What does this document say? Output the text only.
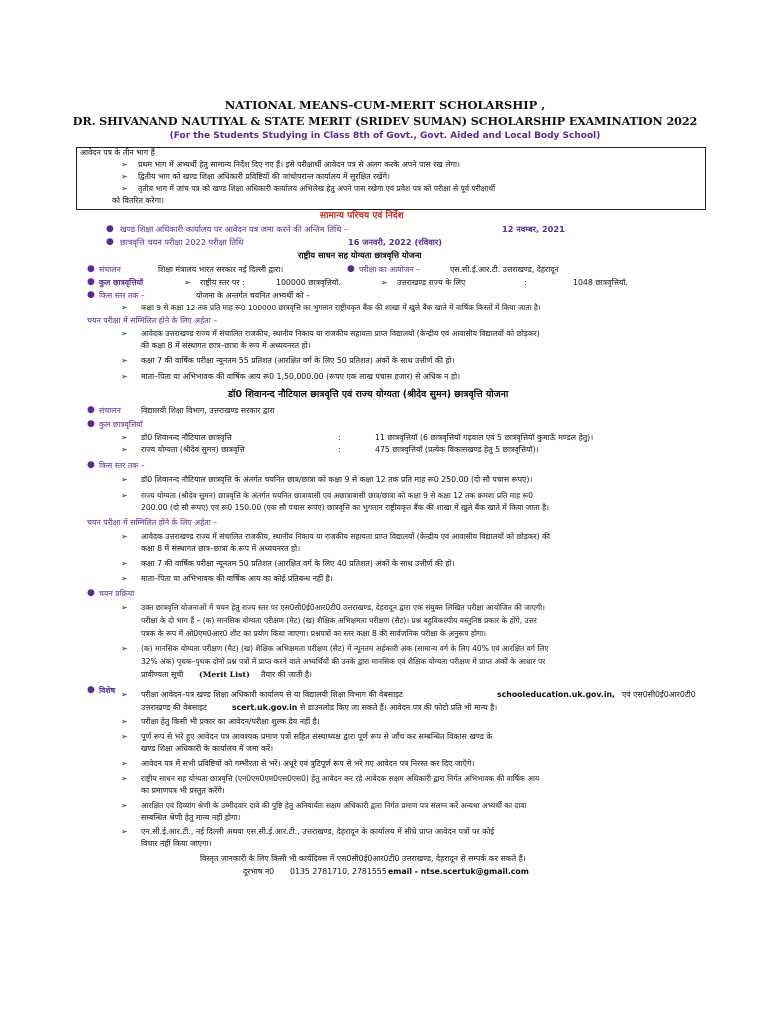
NATIONAL MEANS-CUM-MERIT SCHOLARSHIP ,
DR. SHIVANAND NAUTIYAL & STATE MERIT (SRIDEV SUMAN) SCHOLARSHIP EXAMINATION 2022
(For the Students Studying in Class 8th of Govt., Govt. Aided and Local Body School)
आवेदन पत्र के तीन भाग हैं
➢ प्रथम भाग में अभ्यर्थी हेतु सामान्य निर्देश दिए गए हैं। इसे परीक्षार्थी आवेदन पत्र से अलग करके अपने पास रख लेगा।
➢ द्वितीय भाग को खण्ड शिक्षा अधिकारी प्रविष्टियों की जांचोपरान्त कार्यालय में सुरक्षित रखेंगे।
➢ तृतीय भाग में जांच पत्र को खण्ड शिक्षा अधिकारी कार्यालय अभिलेख हेतु अपने पास रखेगा एवं प्रवेश पत्र को परीक्षा से पूर्व परीक्षार्थी
को वितरित करेगा।
सामान्य परिचय एवं निर्देश
● खण्ड शिक्षा अधिकारी कार्यालय पर आवेदन पत्र जमा करने की अन्तिम तिथि –	12 नवम्बर, 2021
● छात्रवृत्ति चयन परीक्षा 2022 परीक्षा तिथि	16 जनवरी, 2022 (रविवार)
राष्ट्रीय साधन सह योग्यता छात्रवृत्ति योजना
● संचालन	शिक्षा मंत्रालय भारत सरकार नई दिल्ली द्वारा।	● परीक्षा का आयोजन –	एस.सी.ई.आर.टी. उत्तराखण्ड, देहरादून
● कुल छात्रवृत्तियॉ	➢ राष्ट्रीय स्तर पर :	100000 छात्रवृत्तियॉ.	➢ उत्तराखण्ड राज्य के लिए	:	1048 छात्रवृत्तियॉ.
● किस स्तर तक –	योजना के अन्तर्गत चयनित अभ्यर्थी को –
➢ कक्षा 9 से कक्षा 12 तक प्रति माह रू0 100000 छात्रवृत्ति का भुगतान राष्ट्रीयकृत बैंक की शाखा में खुले बैंक खाते में वार्षिक किस्तों में किया जाता है।
चयन परीक्षा में सम्मिलित होने के लिए अर्हता –
➢ आवेदक उत्तराखण्ड राज्य में संचालित राजकीय, स्थानीय निकाय या राजकीय सहायता प्राप्त विद्यालयों (केन्द्रीय एवं आवासीय विद्यालयों को छोड़कर)
की कक्षा 8 में संस्थागत छात्र–छात्रा के रूप में अध्ययनरत हो।
➢ कक्षा 7 की वार्षिक परीक्षा न्यूनतम 55 प्रतिशत (आरक्षित वर्ग के लिए 50 प्रतिशत) अंकों के साथ उत्तीर्ण की हो।
➢ माता–पिता या अभिभावक की वार्षिक आय रू0 1,50,000.00 (रूपए एक लाख पचास हजार) से अधिक न हो।
डॉ0 शिवानन्द नौटियाल छात्रवृत्ति एवं राज्य योग्यता (श्रीदेव सुमन) छात्रवृत्ति योजना
● संचालन	विद्यालयी शिक्षा विभाग, उत्तराखण्ड सरकार द्वारा
● कुल छात्रवृत्तियॉ
➢ डॉ0 शिवानन्द नौटियाल छात्रवृत्ति	:	11 छात्रवृत्तियॉ (6 छात्रवृत्तियॉ गढ़वाल एवं 5 छात्रवृत्तियॉ कुमाऊँ मण्डल हेतु)।
➢ राज्य योग्यता (श्रीदेव सुमन) छात्रवृत्ति	:	475 छात्रवृत्तियॉ (प्रत्येक विकासखण्ड हेतु 5 छात्रवृत्तियॉ)।
● किस स्तर तक –
➢ डॉ0 शिवानन्द नौटियाल छात्रवृत्ति के अंतर्गत चयनित छात्र/छात्रा को कक्षा 9 से कक्षा 12 तक प्रति माह रू0 250.00 (दो सौ पचास रूपए)।
➢ राज्य योग्यता (श्रीदेव सुमन) छात्रवृत्ति के अंतर्गत चयनित छात्रावासी एवं अछात्रावासी छात्र/छात्रा को कक्षा 9 से कक्षा 12 तक क्रमशः प्रति माह रू0
200.00 (दो सौ रूपए) एवं रू0 150.00 (एक सौ पचास रूपए) छात्रवृत्ति का भुगतान राष्ट्रीयकृत बैंक की शाखा में खुले बैंक खाते में किया जाता है।
चयन परीक्षा में सम्मिलित होने के लिए अर्हता –
➢ आवेदक उत्तराखण्ड राज्य में संचालित राजकीय, स्थानीय निकाय या राजकीय सहायता प्राप्त विद्यालयों (केन्द्रीय एवं आवासीय विद्यालयों को छोड़कर) की
कक्षा 8 में संस्थागत छात्र–छात्रा के रूप में अध्ययनरत हो।
➢ कक्षा 7 की वार्षिक परीक्षा न्यूनतम 50 प्रतिशत (आरक्षित वर्ग के लिए 40 प्रतिशत) अंकों के साथ उत्तीर्ण की हो।
➢ माता–पिता या अभिभावक की वार्षिक आय का कोई प्रतिबन्ध नहीं है।
● चयन प्रक्रिया
➢ उक्त छात्रवृत्ति योजनाओं में चयन हेतु राज्य स्तर पर एस0सी0ई0आर0टी0 उत्तराखण्ड, देहरादून द्वारा एक संयुक्त लिखित परीक्षा आयोजित की जाएगी।
परीक्षा के दो भाग हैं – (क) मानसिक योग्यता परीक्षण (मैट) (ख) शैक्षिक अभिक्षमता परीक्षण (सैट)। प्रश्न बहुविकल्पीय वस्तुनिष्ठ प्रकार के होंगे, उत्तर
पत्रक के रूप में ओ0एम0आर0 शीट का प्रयोग किया जाएगा। प्रश्नपत्रों का स्तर कक्षा 8 की सार्वजनिक परीक्षा के अनुरूप होगा।
➢ (क) मानसिक योग्यता परीक्षण (मैट) (ख) शैक्षिक अभिक्षमता परीक्षण (सैट) में न्यूनतम अर्हकारी अंक (सामान्य वर्ग के लिए 40% एवं आरक्षित वर्ग लिए
32% अंक) पृथक–पृथक दोनों प्रश्न पत्रों में प्राप्त करने वाले अभ्यर्थियों की उनके द्वारा मानसिक एवं शैक्षिक योग्यता परीक्षण में प्राप्त अंकों के आधार पर
प्रावीण्यता सूची (Merit List) तैयार की जाती है।
● विशेष ➢ परीक्षा आवेदन–पत्र खण्ड शिक्षा अधिकारी कार्यालय से या विद्यालयी शिक्षा विभाग की वेबसाइट	schooleducation.uk.gov.in, एवं एस0सी0ई0आर0टी0
उत्तराखण्ड की वेबसाइट	scert.uk.gov.in से डाउनलोड किए जा सकते हैं। आवेदन पत्र की फोटो प्रति भी मान्य है।
➢ परीक्षा हेतु किसी भी प्रकार का आवेदन/परीक्षा शुल्क देय नहीं है।
➢ पूर्ण रूप से भरे हुए आवेदन पत्र आवश्यक प्रमाण पत्रों सहित संस्थाध्यक्ष द्वारा पूर्ण रूप से जाँच कर सम्बन्धित विकास खण्ड के
खण्ड शिक्षा अधिकारी के कार्यालय में जमा करें।
➢ आवेदन पत्र में सभी प्रविष्टियों को गम्भीरता से भरें। अधूरे एवं त्रुटिपूर्ण रूप से भरे गए आवेदन पत्र निरस्त कर दिए जाएँगे।
➢ राष्ट्रीय साधन सह योग्यता छात्रवृत्ति (एन0एम0एम0एस0एस0) हेतु आवेदन कर रहे आवेदक सक्षम अधिकारी द्वारा निर्गत अभिभावक की वार्षिक आय
का प्रमाणपत्र भी प्रस्तुत करेंगे।
➢ आरक्षित एवं दिव्यांग श्रेणी के उम्मीदवार दावे की पुष्टि हेतु अनिवार्यतः सक्षम अधिकारी द्वारा निर्गत प्रमाण पत्र संलग्न करें अन्यथा अभ्यर्थी का दावा
सम्बन्धित श्रेणी हेतु मान्य नहीं होगा।
➢ एन.सी.ई.आर.टी., नई दिल्ली अथवा एस.सी.ई.आर.टी., उत्तराखण्ड, देहरादून के कार्यालय में सीधे प्राप्त आवेदन पत्रों पर कोई
विचार नहीं किया जाएगा।
विस्तृत जानकारी के लिए किसी भी कार्यदिवस में एस0सी0ई0आर0टी0 उत्तराखण्ड, देहरादून से सम्पर्क कर सकते हैं।
दूरभाष नं0 0135 2781710, 2781555 email - ntse.scertuk@gmail.com
